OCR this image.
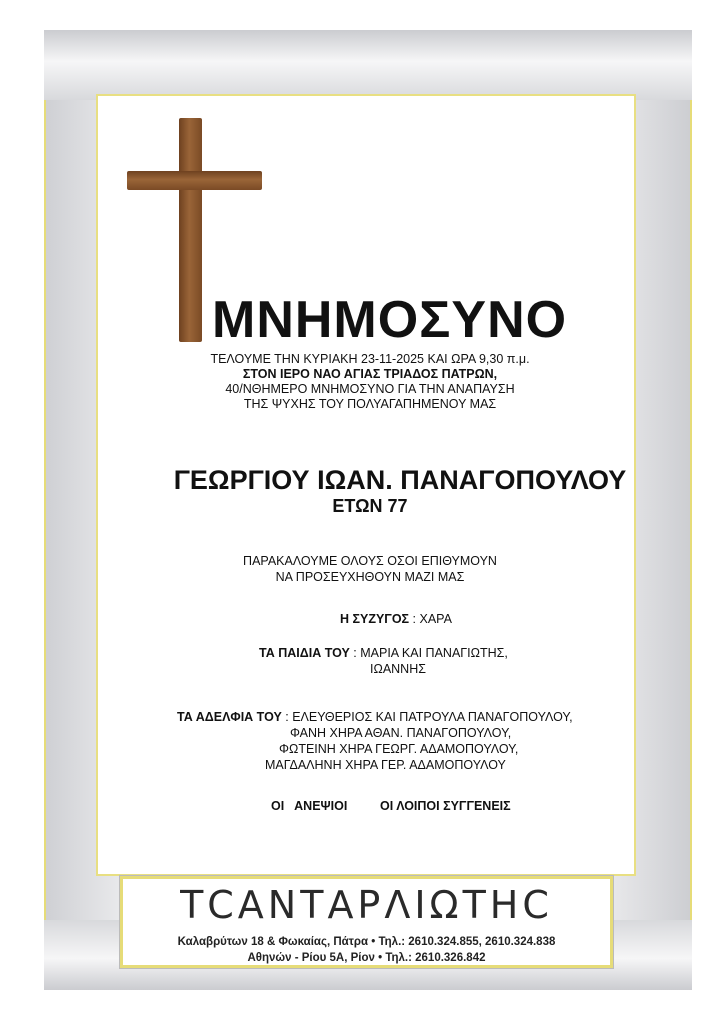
ΜΝΗΜΟΣΥΝΟ
ΤΕΛΟΥΜΕ ΤΗΝ ΚΥΡΙΑΚΗ 23-11-2025 ΚΑΙ ΩΡΑ 9,30 π.μ.
ΣΤΟΝ ΙΕΡΟ ΝΑΟ ΑΓΙΑΣ ΤΡΙΑΔΟΣ ΠΑΤΡΩΝ,
40/ΝΘΗΜΕΡΟ ΜΝΗΜΟΣΥΝΟ ΓΙΑ ΤΗΝ ΑΝΑΠΑΥΣΗ
ΤΗΣ ΨΥΧΗΣ ΤΟΥ ΠΟΛΥΑΓΑΠΗΜΕΝΟΥ ΜΑΣ
ΓΕΩΡΓΙΟΥ ΙΩΑΝ. ΠΑΝΑΓΟΠΟΥΛΟΥ
ΕΤΩΝ 77
ΠΑΡΑΚΑΛΟΥΜΕ ΟΛΟΥΣ ΟΣΟΙ ΕΠΙΘΥΜΟΥΝ
ΝΑ ΠΡΟΣΕΥΧΗΘΟΥΝ ΜΑΖΙ ΜΑΣ
Η ΣΥΖΥΓΟΣ : ΧΑΡΑ
ΤΑ ΠΑΙΔΙΑ ΤΟΥ : ΜΑΡΙΑ ΚΑΙ ΠΑΝΑΓΙΩΤΗΣ,
ΙΩΑΝΝΗΣ
ΤΑ ΑΔΕΛΦΙΑ ΤΟΥ : ΕΛΕΥΘΕΡΙΟΣ ΚΑΙ ΠΑΤΡΟΥΛΑ ΠΑΝΑΓΟΠΟΥΛΟΥ,
ΦΑΝΗ ΧΗΡΑ ΑΘΑΝ. ΠΑΝΑΓΟΠΟΥΛΟΥ,
ΦΩΤΕΙΝΗ ΧΗΡΑ ΓΕΩΡΓ. ΑΔΑΜΟΠΟΥΛΟΥ,
ΜΑΓΔΑΛΗΝΗ ΧΗΡΑ ΓΕΡ. ΑΔΑΜΟΠΟΥΛΟΥ
ΟΙ   ΑΝΕΨΙΟΙ	ΟΙ ΛΟΙΠΟΙ ΣΥΓΓΕΝΕΙΣ
ΤCΑΝΤΑΡΛΙΩΤΗC
Καλαβρύτων 18 & Φωκαίας, Πάτρα • Τηλ.: 2610.324.855, 2610.324.838
Αθηνών - Ρίου 5Α, Ρίον • Τηλ.: 2610.326.842
